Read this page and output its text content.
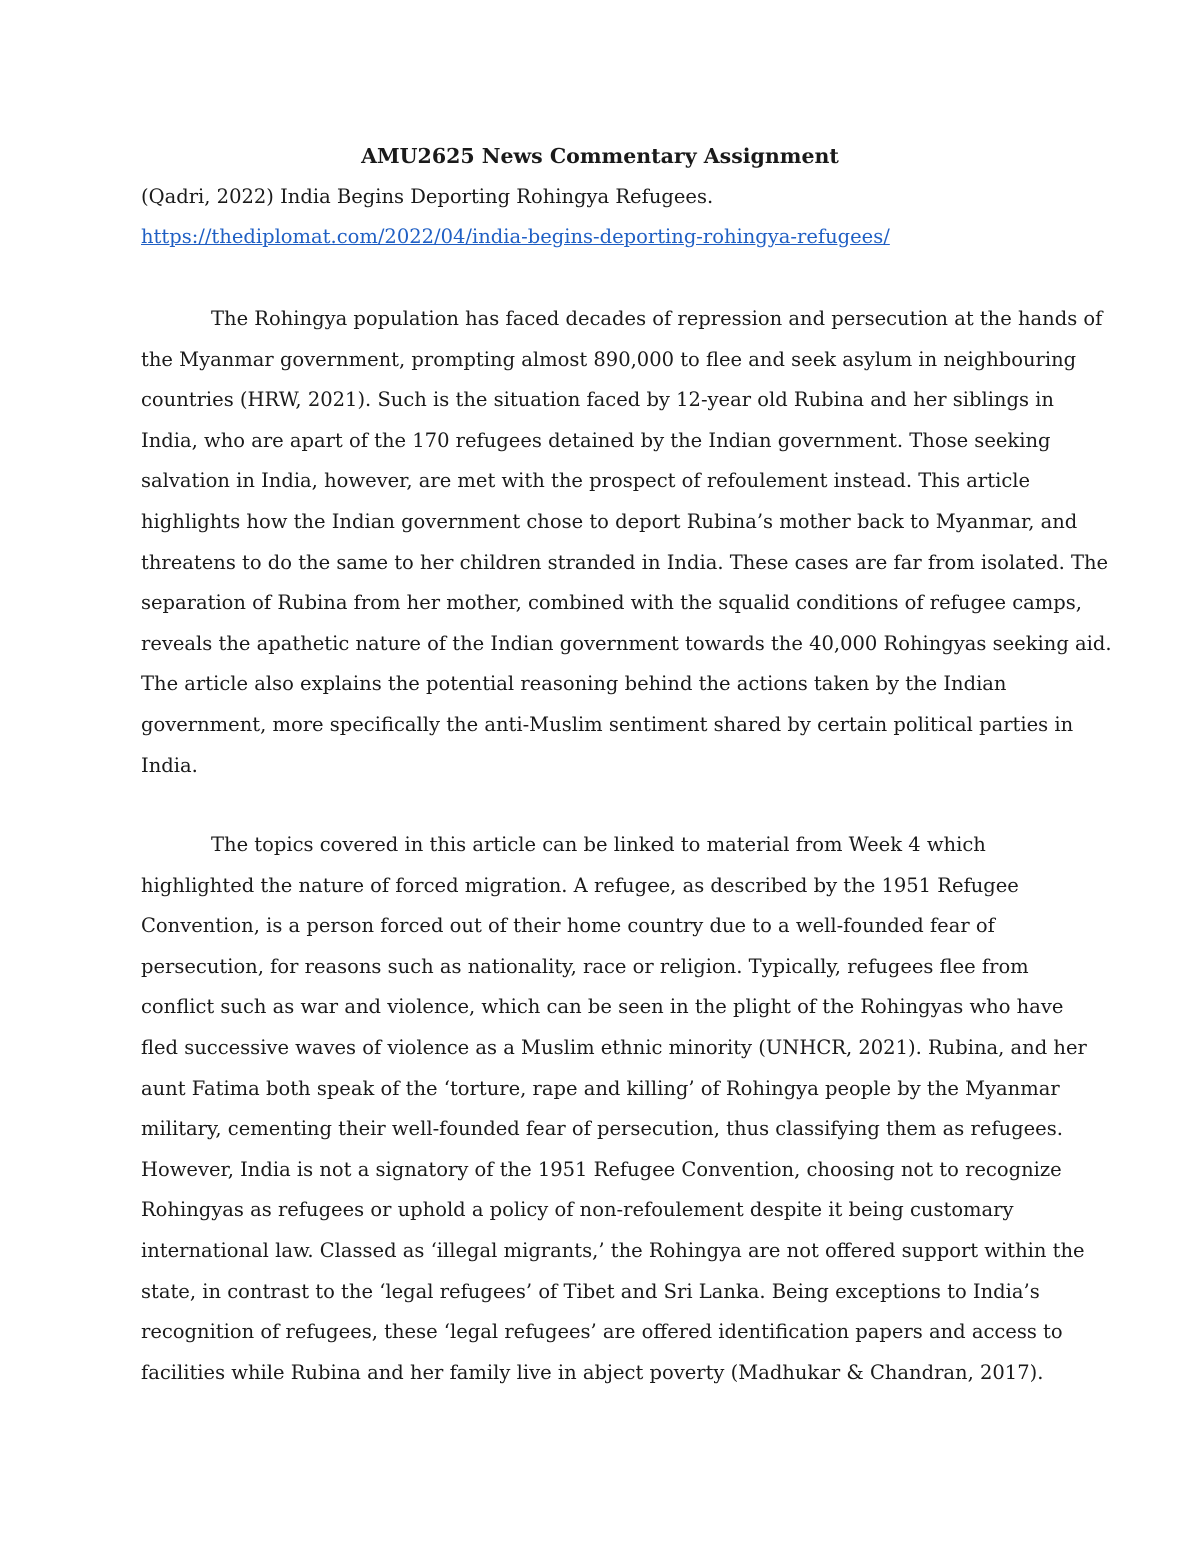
AMU2625 News Commentary Assignment
(Qadri, 2022) India Begins Deporting Rohingya Refugees.
https://thediplomat.com/2022/04/india-begins-deporting-rohingya-refugees/
The Rohingya population has faced decades of repression and persecution at the hands of
the Myanmar government, prompting almost 890,000 to flee and seek asylum in neighbouring
countries (HRW, 2021). Such is the situation faced by 12-year old Rubina and her siblings in
India, who are apart of the 170 refugees detained by the Indian government. Those seeking
salvation in India, however, are met with the prospect of refoulement instead. This article
highlights how the Indian government chose to deport Rubina’s mother back to Myanmar, and
threatens to do the same to her children stranded in India. These cases are far from isolated. The
separation of Rubina from her mother, combined with the squalid conditions of refugee camps,
reveals the apathetic nature of the Indian government towards the 40,000 Rohingyas seeking aid.
The article also explains the potential reasoning behind the actions taken by the Indian
government, more specifically the anti-Muslim sentiment shared by certain political parties in
India.
The topics covered in this article can be linked to material from Week 4 which
highlighted the nature of forced migration. A refugee, as described by the 1951 Refugee
Convention, is a person forced out of their home country due to a well-founded fear of
persecution, for reasons such as nationality, race or religion. Typically, refugees flee from
conflict such as war and violence, which can be seen in the plight of the Rohingyas who have
fled successive waves of violence as a Muslim ethnic minority (UNHCR, 2021). Rubina, and her
aunt Fatima both speak of the ‘torture, rape and killing’ of Rohingya people by the Myanmar
military, cementing their well-founded fear of persecution, thus classifying them as refugees.
However, India is not a signatory of the 1951 Refugee Convention, choosing not to recognize
Rohingyas as refugees or uphold a policy of non-refoulement despite it being customary
international law. Classed as ‘illegal migrants,’ the Rohingya are not offered support within the
state, in contrast to the ‘legal refugees’ of Tibet and Sri Lanka. Being exceptions to India’s
recognition of refugees, these ‘legal refugees’ are offered identification papers and access to
facilities while Rubina and her family live in abject poverty (Madhukar & Chandran, 2017).
